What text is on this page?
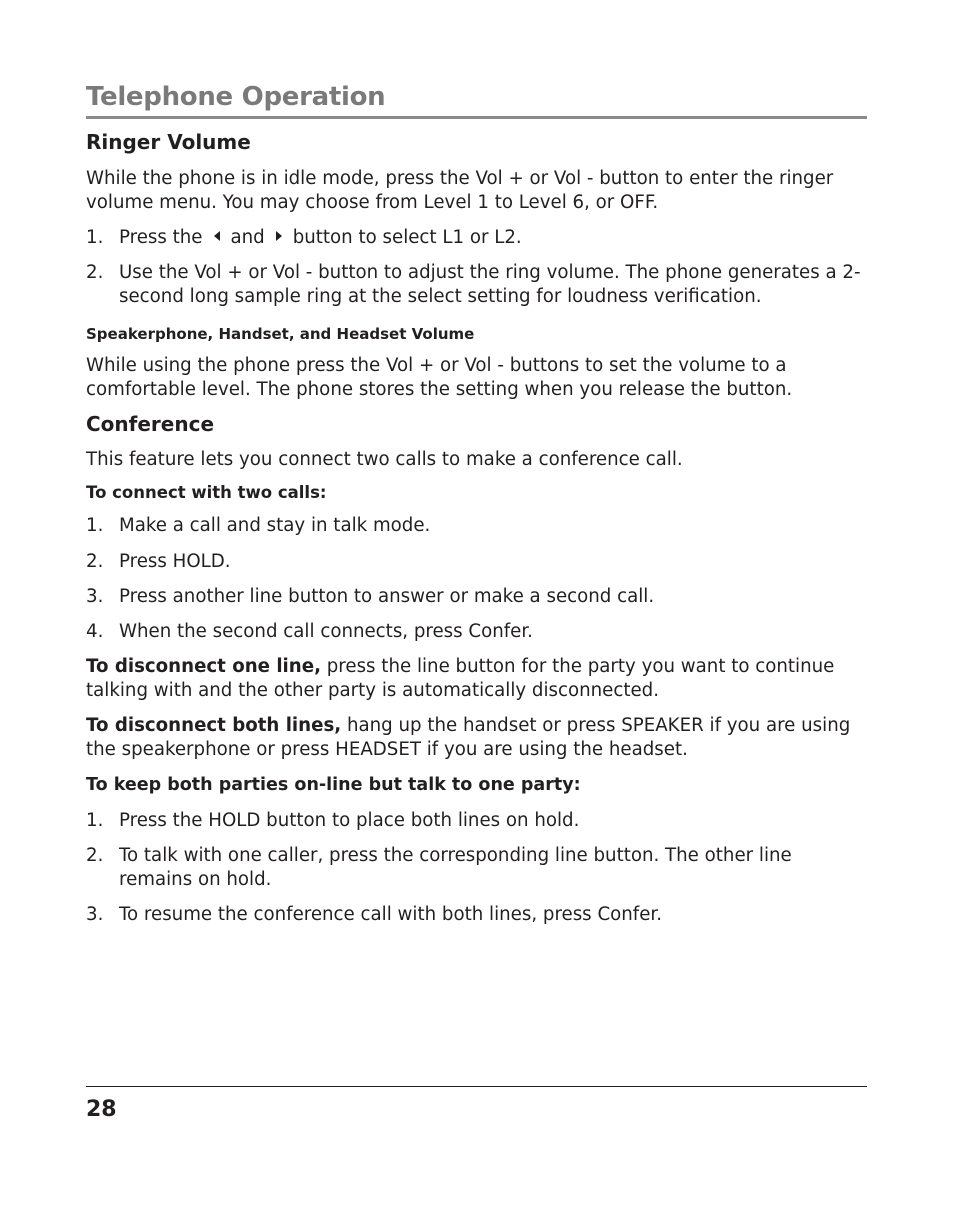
Telephone Operation
Ringer Volume
While the phone is in idle mode, press the Vol + or Vol - button to enter the ringer volume menu. You may choose from Level 1 to Level 6, or OFF.
1. Press the and button to select L1 or L2.
2. Use the Vol + or Vol - button to adjust the ring volume. The phone generates a 2-second long sample ring at the select setting for loudness verification.
Speakerphone, Handset, and Headset Volume
While using the phone press the Vol + or Vol - buttons to set the volume to a comfortable level. The phone stores the setting when you release the button.
Conference
This feature lets you connect two calls to make a conference call.
To connect with two calls:
1. Make a call and stay in talk mode.
2. Press HOLD.
3. Press another line button to answer or make a second call.
4. When the second call connects, press Confer.
To disconnect one line, press the line button for the party you want to continue talking with and the other party is automatically disconnected.
To disconnect both lines, hang up the handset or press SPEAKER if you are using the speakerphone or press HEADSET if you are using the headset.
To keep both parties on-line but talk to one party:
1. Press the HOLD button to place both lines on hold.
2. To talk with one caller, press the corresponding line button. The other line remains on hold.
3. To resume the conference call with both lines, press Confer.
28
